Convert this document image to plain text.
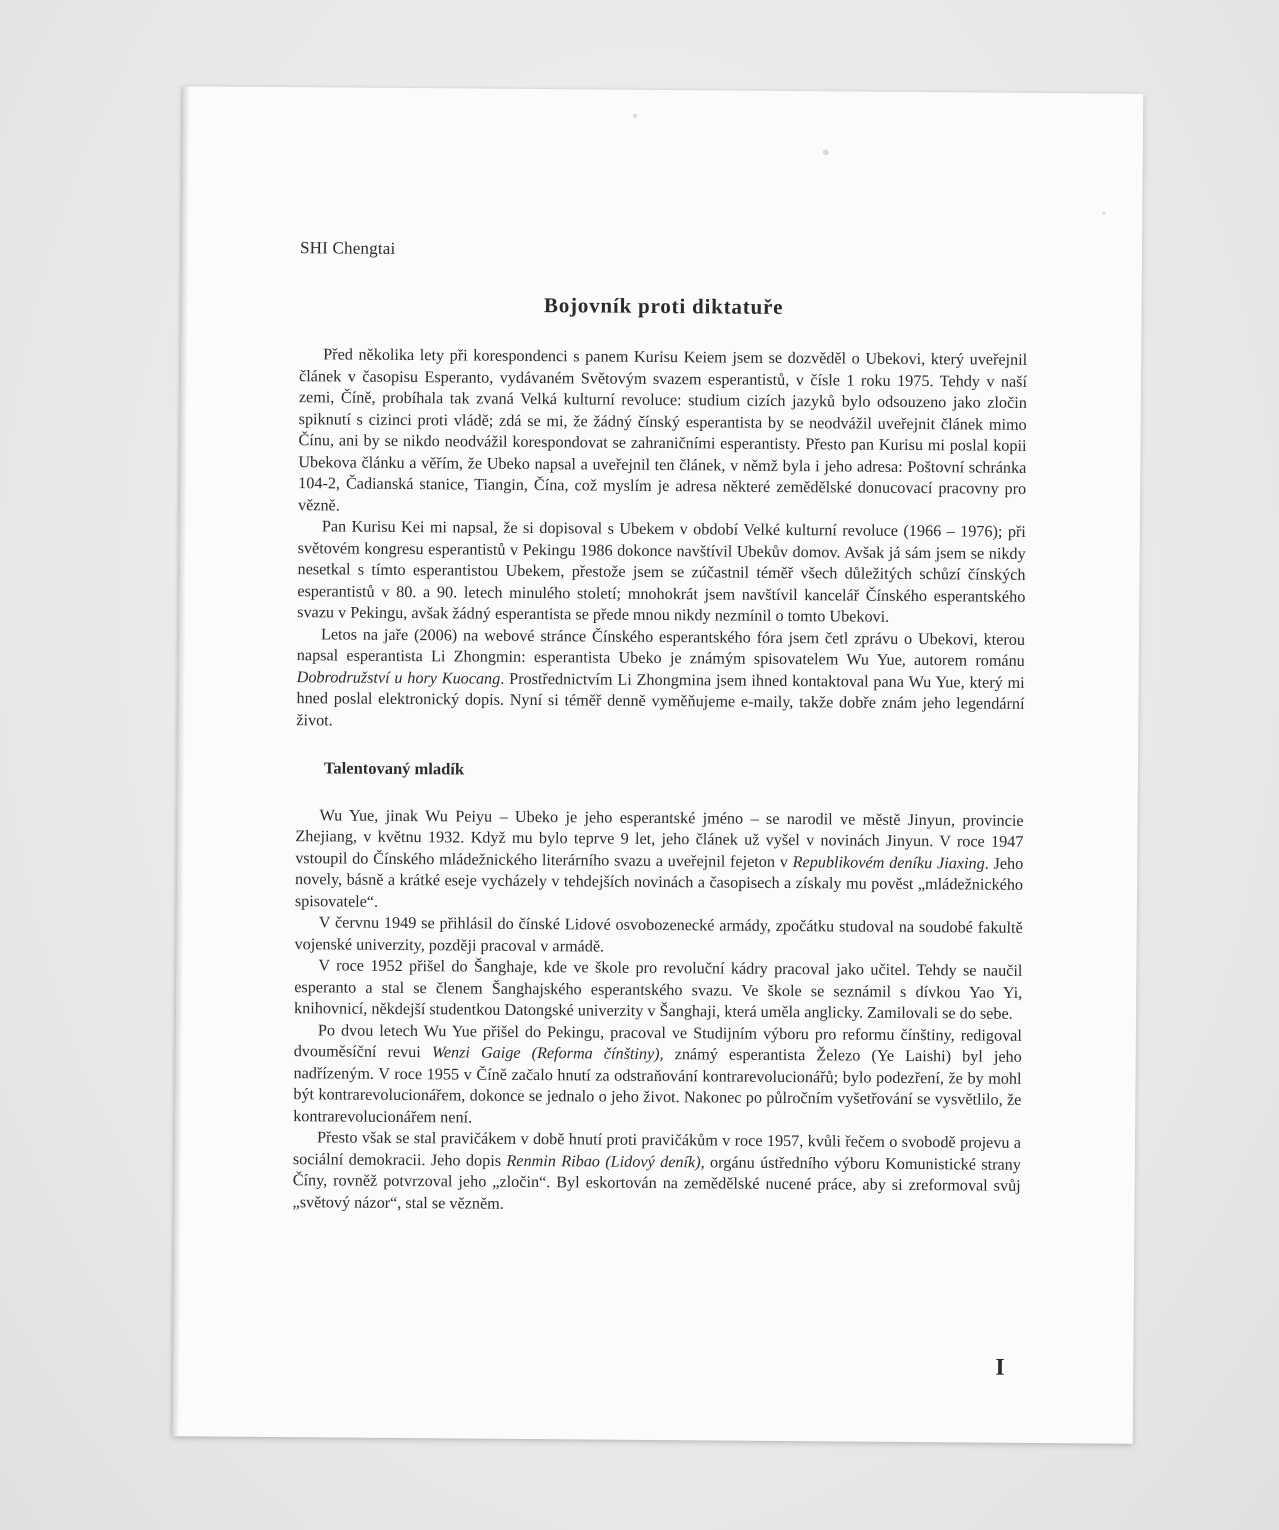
SHI Chengtai

Bojovník proti diktatuře

Před několika lety při korespondenci s panem Kurisu Keiem jsem se dozvěděl o Ubekovi, který uveřejnil článek v časopisu Esperanto, vydávaném Světovým svazem esperantistů, v čísle 1 roku 1975. Tehdy v naší zemi, Číně, probíhala tak zvaná Velká kulturní revoluce: studium cizích jazyků bylo odsouzeno jako zločin spiknutí s cizinci proti vládě; zdá se mi, že žádný čínský esperantista by se neodvážil uveřejnit článek mimo Čínu, ani by se nikdo neodvážil korespondovat se zahraničními esperantisty. Přesto pan Kurisu mi poslal kopii Ubekova článku a věřím, že Ubeko napsal a uveřejnil ten článek, v němž byla i jeho adresa: Poštovní schránka 104-2, Čadianská stanice, Tiangin, Čína, což myslím je adresa některé zemědělské donucovací pracovny pro vězně.

Pan Kurisu Kei mi napsal, že si dopisoval s Ubekem v období Velké kulturní revoluce (1966 – 1976); při světovém kongresu esperantistů v Pekingu 1986 dokonce navštívil Ubekův domov. Avšak já sám jsem se nikdy nesetkal s tímto esperantistou Ubekem, přestože jsem se zúčastnil téměř všech důležitých schůzí čínských esperantistů v 80. a 90. letech minulého století; mnohokrát jsem navštívil kancelář Čínského esperantského svazu v Pekingu, avšak žádný esperantista se přede mnou nikdy nezmínil o tomto Ubekovi.

Letos na jaře (2006) na webové stránce Čínského esperantského fóra jsem četl zprávu o Ubekovi, kterou napsal esperantista Li Zhongmin: esperantista Ubeko je známým spisovatelem Wu Yue, autorem románu Dobrodružství u hory Kuocang. Prostřednictvím Li Zhongmina jsem ihned kontaktoval pana Wu Yue, který mi hned poslal elektronický dopis. Nyní si téměř denně vyměňujeme e-maily, takže dobře znám jeho legendární život.

Talentovaný mladík

Wu Yue, jinak Wu Peiyu – Ubeko je jeho esperantské jméno – se narodil ve městě Jinyun, provincie Zhejiang, v květnu 1932. Když mu bylo teprve 9 let, jeho článek už vyšel v novinách Jinyun. V roce 1947 vstoupil do Čínského mládežnického literárního svazu a uveřejnil fejeton v Republikovém deníku Jiaxing. Jeho novely, básně a krátké eseje vycházely v tehdejších novinách a časopisech a získaly mu pověst „mládežnického spisovatele“.

V červnu 1949 se přihlásil do čínské Lidové osvobozenecké armády, zpočátku studoval na soudobé fakultě vojenské univerzity, později pracoval v armádě.

V roce 1952 přišel do Šanghaje, kde ve škole pro revoluční kádry pracoval jako učitel. Tehdy se naučil esperanto a stal se členem Šanghajského esperantského svazu. Ve škole se seznámil s dívkou Yao Yi, knihovnicí, někdejší studentkou Datongské univerzity v Šanghaji, která uměla anglicky. Zamilovali se do sebe.

Po dvou letech Wu Yue přišel do Pekingu, pracoval ve Studijním výboru pro reformu čínštiny, redigoval dvouměsíční revui Wenzi Gaige (Reforma čínštiny), známý esperantista Železo (Ye Laishi) byl jeho nadřízeným. V roce 1955 v Číně začalo hnutí za odstraňování kontrarevolucionářů; bylo podezření, že by mohl být kontrarevolucionářem, dokonce se jednalo o jeho život. Nakonec po půlročním vyšetřování se vysvětlilo, že kontrarevolucionářem není.

Přesto však se stal pravičákem v době hnutí proti pravičákům v roce 1957, kvůli řečem o svobodě projevu a sociální demokracii. Jeho dopis Renmin Ribao (Lidový deník), orgánu ústředního výboru Komunistické strany Číny, rovněž potvrzoval jeho „zločin“. Byl eskortován na zemědělské nucené práce, aby si zreformoval svůj „světový názor“, stal se vězněm.

I
